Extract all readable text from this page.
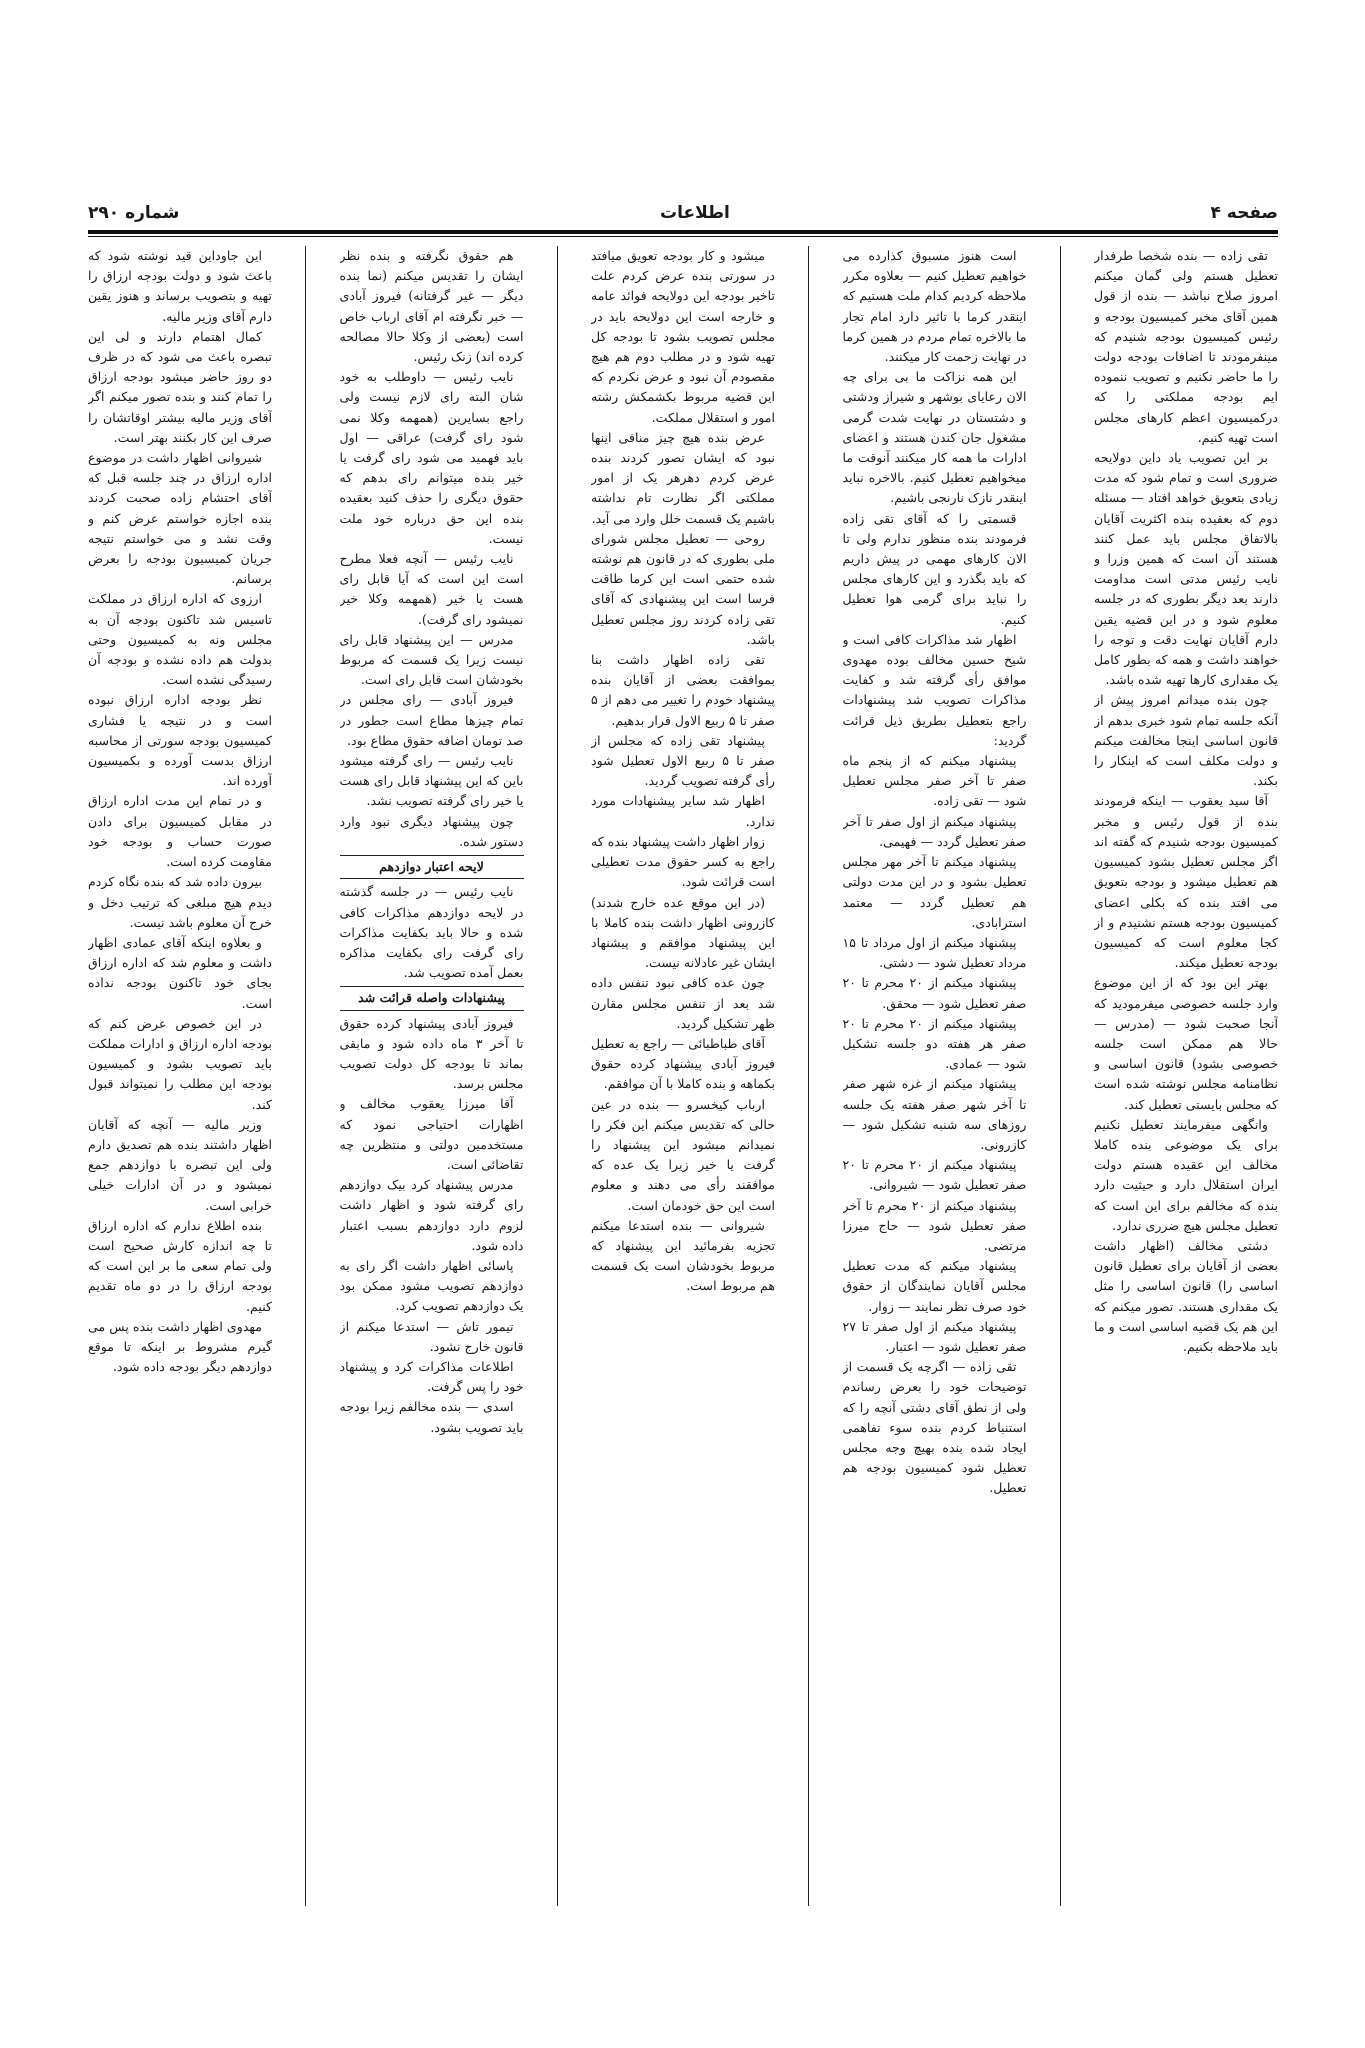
صفحه ۴
اطلاعات
شماره ۲۹۰

تقی زاده — بنده شخصا طرفدار تعطیل هستم ولی گمان میکنم امروز صلاح نباشد — بنده از قول همین آقای مخبر کمیسیون بودجه و رئیس کمیسیون بودجه شنیدم که مینفرمودند تا اضافات بودجه دولت را ما حاضر نکنیم و تصویب ننموده ایم بودجه مملکتی را که درکمیسیون اعظم کارهای مجلس است تهیه کنیم.

بر این تصویب یاد داین دولایحه ضروری است و تمام شود که مدت زیادی بتعویق خواهد افتاد — مسئله دوم که بعقیده بنده اکثریت آقایان بالاتفاق مجلس باید عمل کنند هستند آن است که همین وزرا و نایب رئیس مدتی است مداومت دارند بعد دیگر بطوری که در جلسه معلوم شود و در این قضیه یقین دارم آقایان نهایت دقت و توجه را خواهند داشت و همه که بطور کامل یک مقداری کارها تهیه شده باشد.

چون بنده میدانم امروز پیش از آنکه جلسه تمام شود خبری بدهم از قانون اساسی اینجا مخالفت میکنم و دولت مکلف است که اینکار را بکند.

آقا سید یعقوب — اینکه فرمودند بنده از قول رئیس و مخبر کمیسیون بودجه شنیدم که گفته اند اگر مجلس تعطیل بشود کمیسیون هم تعطیل میشود و بودجه بتعویق می افتد بنده که بکلی اعضای کمیسیون بودجه هستم نشنیدم و از کجا معلوم است که کمیسیون بودجه تعطیل میکند.

بهتر این بود که از این موضوع وارد جلسه خصوصی میفرمودید که آنجا صحبت شود — (مدرس — حالا هم ممکن است جلسه خصوصی بشود) قانون اساسی و نظامنامه مجلس نوشته شده است که مجلس بایستی تعطیل کند.

وانگهی میفرمایند تعطیل نکنیم برای یک موضوعی بنده کاملا مخالف این عقیده هستم دولت ایران استقلال دارد و حیثیت دارد بنده که مخالفم برای این است که تعطیل مجلس هیچ ضرری ندارد.

دشتی مخالف (اظهار داشت بعضی از آقایان برای تعطیل قانون اساسی را) قانون اساسی را مثل یک مقداری هستند. تصور میکنم که این هم یک قضیه اساسی است و ما باید ملاحظه بکنیم.

است هنوز مسبوق کذارده می خواهیم تعطیل کنیم — بعلاوه مکرر ملاحظه کردیم کدام ملت هستیم که اینقدر کرما با تاثیر دارد امام تجار ما بالاخره تمام مردم در همین کرما در نهایت زحمت کار میکنند.

این همه نزاکت ما بی برای چه الان رعایای بوشهر و شیراز ودشتی و دشتستان در نهایت شدت گرمی مشغول جان کندن هستند و اعضای ادارات ما همه کار میکنند آنوقت ما میخواهیم تعطیل کنیم. بالاخره نباید اینقدر نازک نارنجی باشیم.

قسمتی را که آقای تقی زاده فرمودند بنده منظور ندارم ولی تا الان کارهای مهمی در پیش داریم که باید بگذرد و این کارهای مجلس را نباید برای گرمی هوا تعطیل کنیم.

اظهار شد مذاکرات کافی است و شیخ حسین مخالف بوده مهدوی موافق رأی گرفته شد و کفایت مذاکرات تصویب شد پیشنهادات راجع بتعطیل بطریق ذیل قرائت گردید:

پیشنهاد میکنم که از پنجم ماه صفر تا آخر صفر مجلس تعطیل شود — تقی زاده.

پیشنهاد میکنم از اول صفر تا آخر صفر تعطیل گردد — فهیمی.

پیشنهاد میکنم تا آخر مهر مجلس تعطیل بشود و در این مدت دولتی هم تعطیل گردد — معتمد استرابادی.

پیشنهاد میکنم از اول مرداد تا ۱۵ مرداد تعطیل شود — دشتی.

پیشنهاد میکنم از ۲۰ محرم تا ۲۰ صفر تعطیل شود — محقق.

پیشنهاد میکنم از ۲۰ محرم تا ۲۰ صفر هر هفته دو جلسه تشکیل شود — عمادی.

پیشنهاد میکنم از غره شهر صفر تا آخر شهر صفر هفته یک جلسه روزهای سه شنبه تشکیل شود — کازرونی.

پیشنهاد میکنم از ۲۰ محرم تا ۲۰ صفر تعطیل شود — شیروانی.

پیشنهاد میکنم از ۲۰ محرم تا آخر صفر تعطیل شود — حاج میرزا مرتضی.

پیشنهاد میکنم که مدت تعطیل مجلس آقایان نمایندگان از حقوق خود صرف نظر نمایند — زوار.

پیشنهاد میکنم از اول صفر تا ۲۷ صفر تعطیل شود — اعتبار.

تقی زاده — اگرچه یک قسمت از توضیحات خود را بعرض رساندم ولی از نطق آقای دشتی آنچه را که استنباط کردم بنده سوء تفاهمی ایجاد شده بنده بهیچ وجه مجلس تعطیل شود کمیسیون بودجه هم تعطیل.

میشود و کار بودجه تعویق میافتد در سورتی بنده عرض کردم علت تاخیر بودجه این دولایحه فوائد عامه و خارجه است این دولایحه باید در مجلس تصویب بشود تا بودجه کل تهیه شود و در مطلب دوم هم هیچ مقصودم آن نبود و عرض نکردم که این قضیه مربوط بکشمکش رشته امور و استقلال مملکت.

عرض بنده هیچ چیز منافی اینها نبود که ایشان تصور کردند بنده عرض کردم دهرهر یک از امور مملکتی اگر نظارت تام نداشته باشیم یک قسمت خلل وارد می آید.

روحی — تعطیل مجلس شورای ملی بطوری که در قانون هم نوشته شده حتمی است این کرما طاقت فرسا است این پیشنهادی که آقای تقی زاده کردند روز مجلس تعطیل باشد.

تقی زاده اظهار داشت بنا بموافقت بعضی از آقایان بنده پیشنهاد خودم را تغییر می دهم از ۵ صفر تا ۵ ربیع الاول قرار بدهیم.

پیشنهاد تقی زاده که مجلس از صفر تا ۵ ربیع الاول تعطیل شود رأی گرفته تصویب گردید.

اظهار شد سایر پیشنهادات مورد ندارد.

زوار اظهار داشت پیشنهاد بنده که راجع به کسر حقوق مدت تعطیلی است قرائت شود.

(در این موقع عده خارج شدند) کازرونی اظهار داشت بنده کاملا با این پیشنهاد موافقم و پیشنهاد ایشان غیر عادلانه نیست.

چون عده کافی نبود تنفس داده شد بعد از تنفس مجلس مقارن ظهر تشکیل گردید.

آقای طباطبائی — راجع به تعطیل فیروز آبادی پیشنهاد کرده حقوق بکماهه و بنده کاملا با آن موافقم.

ارباب کیخسرو — بنده در عین حالی که تقدیس میکنم این فکر را نمیدانم میشود این پیشنهاد را گرفت یا خیر زیرا یک عده که موافقند رأی می دهند و معلوم است این حق خودمان است.

شیروانی — بنده استدعا میکنم تجزیه بفرمائید این پیشنهاد که مربوط بخودشان است یک قسمت هم مربوط است.

هم حقوق نگرفته و بنده نظر ایشان را تقدیس میکنم (نما بنده دیگر — غیر گرفتانه) فیروز آبادی — خبر نگرفته ام آقای ارباب خاص است (بعضی از وکلا حالا مصالحه کرده اند) زنک رئیس.

نایب رئیس — داوطلب به خود شان البته رای لازم نیست ولی راجع بسایرین (همهمه وکلا نمی شود رای گرفت) عراقی — اول باید فهمید می شود رای گرفت یا خیر بنده میتوانم رای بدهم که حقوق دیگری را حذف کنید بعقیده بنده این حق درباره خود ملت نیست.

نایب رئیس — آنچه فعلا مطرح است این است که آیا قابل رای هست یا خیر (همهمه وکلا خیر نمیشود رای گرفت).

مدرس — این پیشنهاد قابل رای نیست زیرا یک قسمت که مربوط بخودشان است قابل رای است.

فیروز آبادی — رای مجلس در تمام چیزها مطاع است جطور در صد تومان اضافه حقوق مطاع بود.

نایب رئیس — رای گرفته میشود باین که این پیشنهاد قابل رای هست یا خیر رای گرفته تصویب نشد.

چون پیشنهاد دیگری نبود وارد دستور شده.

لایحه اعتبار دوازدهم

نایب رئیس — در جلسه گذشته در لایحه دوازدهم مذاکرات کافی شده و حالا باید بکفایت مذاکرات رای گرفت رای بکفایت مذاکره بعمل آمده تصویب شد.

پیشنهادات واصله قرائت شد

فیروز آبادی پیشنهاد کرده حقوق تا آخر ۳ ماه داده شود و مابقی بماند تا بودجه کل دولت تصویب مجلس برسد.

آقا میرزا یعقوب مخالف و اظهارات احتیاجی نمود که مستخدمین دولتی و منتظرین چه تقاضائی است.

مدرس پیشنهاد کرد بیک دوازدهم رای گرفته شود و اظهار داشت لزوم دارد دوازدهم بسبب اعتبار داده شود.

پاسائی اظهار داشت اگر رای به دوازدهم تصویب مشود ممکن بود یک دوازدهم تصویب کرد.

تیمور تاش — استدعا میکنم از قانون خارج نشود.

اطلاعات مذاکرات کرد و پیشنهاد خود را پس گرفت.

اسدی — بنده مخالفم زیرا بودجه باید تصویب بشود.

این جاوداین قید نوشته شود که باعث شود و دولت بودجه ارزاق را تهیه و بتصویب برساند و هنوز یقین دارم آقای وزیر مالیه.

کمال اهتمام دارند و لی این تبصره باعث می شود که در ظرف دو روز حاضر میشود بودجه ارزاق را تمام کنند و بنده تصور میکنم اگر آقای وزیر مالیه بیشتر اوقاتشان را صرف این کار بکنند بهتر است.

شیروانی اظهار داشت در موضوع اداره ارزاق در چند جلسه قبل که آقای احتشام زاده صحبت کردند بنده اجازه خواستم عرض کنم و وقت نشد و می خواستم نتیجه جریان کمیسیون بودجه را بعرض برسانم.

ارزوی که اداره ارزاق در مملکت تاسیس شد تاکنون بودجه آن به مجلس ونه به کمیسیون وحتی بدولت هم داده نشده و بودجه آن رسیدگی نشده است.

نظر بودجه اداره ارزاق نبوده است و در نتیجه یا فشاری کمیسیون بودجه سورتی از محاسبه ارزاق بدست آورده و بکمیسیون آورده اند.

و در تمام این مدت اداره ارزاق در مقابل کمیسیون برای دادن صورت حساب و بودجه خود مقاومت کرده است.

بیرون داده شد که بنده نگاه کردم دیدم هیچ مبلغی که ترتیب دخل و خرج آن معلوم باشد نیست.

و بعلاوه اینکه آقای عمادی اظهار داشت و معلوم شد که اداره ارزاق بجای خود تاکنون بودجه نداده است.

در این خصوص عرض کنم که بودجه اداره ارزاق و ادارات مملکت باید تصویب بشود و کمیسیون بودجه این مطلب را نمیتواند قبول کند.

وزیر مالیه — آنچه که آقایان اظهار داشتند بنده هم تصدیق دارم ولی این تبصره با دوازدهم جمع نمیشود و در آن ادارات خیلی خرابی است.

بنده اطلاع ندارم که اداره ارزاق تا چه اندازه کارش صحیح است ولی تمام سعی ما بر این است که بودجه ارزاق را در دو ماه تقدیم کنیم.

مهدوی اظهار داشت بنده پس می گیرم مشروط بر اینکه تا موقع دوازدهم دیگر بودجه داده شود.
